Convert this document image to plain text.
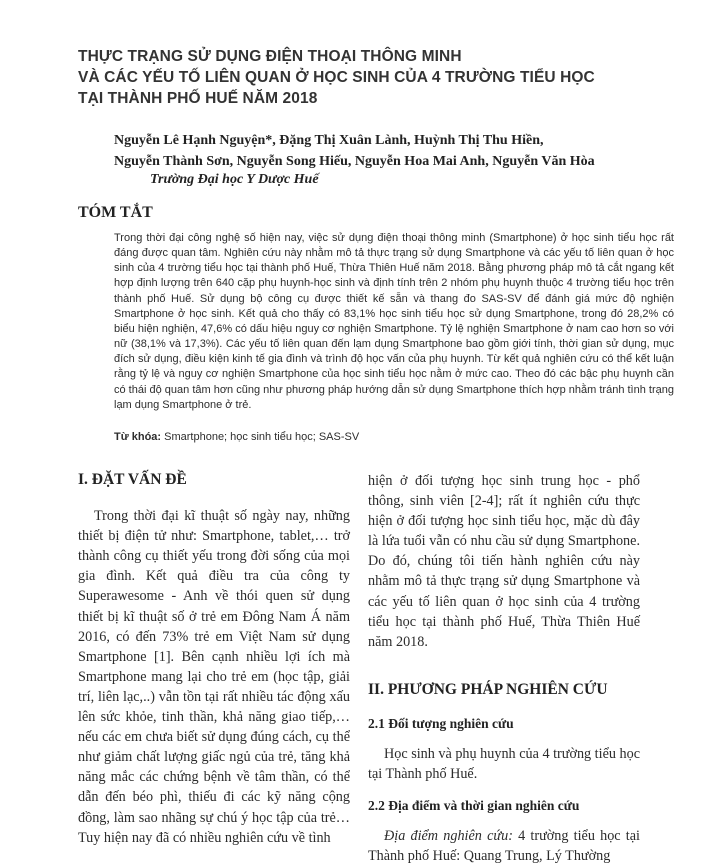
THỰC TRẠNG SỬ DỤNG ĐIỆN THOẠI THÔNG MINH
VÀ CÁC YẾU TỐ LIÊN QUAN Ở HỌC SINH CỦA 4 TRƯỜNG TIỂU HỌC
TẠI THÀNH PHỐ HUẾ NĂM 2018
Nguyễn Lê Hạnh Nguyện*, Đặng Thị Xuân Lành, Huỳnh Thị Thu Hiền,
Nguyễn Thành Sơn, Nguyễn Song Hiếu, Nguyễn Hoa Mai Anh, Nguyễn Văn Hòa
Trường Đại học Y Dược Huế
TÓM TẮT
Trong thời đại công nghệ số hiện nay, việc sử dụng điện thoại thông minh (Smartphone) ở học sinh tiểu học rất đáng được quan tâm. Nghiên cứu này nhằm mô tả thực trạng sử dụng Smartphone và các yếu tố liên quan ở học sinh của 4 trường tiểu học tại thành phố Huế, Thừa Thiên Huế năm 2018. Bằng phương pháp mô tả cắt ngang kết hợp định lượng trên 640 cặp phụ huynh-học sinh và định tính trên 2 nhóm phụ huynh thuộc 4 trường tiểu học trên thành phố Huế. Sử dụng bộ công cụ được thiết kế sẵn và thang đo SAS-SV để đánh giá mức độ nghiện Smartphone ở học sinh. Kết quả cho thấy có 83,1% học sinh tiểu học sử dụng Smartphone, trong đó 28,2% có biểu hiện nghiện, 47,6% có dấu hiệu nguy cơ nghiện Smartphone. Tỷ lệ nghiện Smartphone ở nam cao hơn so với nữ (38,1% và 17,3%). Các yếu tố liên quan đến lạm dụng Smartphone bao gồm giới tính, thời gian sử dụng, mục đích sử dụng, điều kiện kinh tế gia đình và trình độ học vấn của phụ huynh. Từ kết quả nghiên cứu có thể kết luận rằng tỷ lệ và nguy cơ nghiện Smartphone của học sinh tiểu học nằm ở mức cao. Theo đó các bậc phụ huynh cần có thái độ quan tâm hơn cũng như phương pháp hướng dẫn sử dụng Smartphone thích hợp nhằm tránh tình trạng lạm dụng Smartphone ở trẻ.
Từ khóa: Smartphone; học sinh tiểu học; SAS-SV
I. ĐẶT VẤN ĐỀ
Trong thời đại kĩ thuật số ngày nay, những thiết bị điện tử như: Smartphone, tablet,… trở thành công cụ thiết yếu trong đời sống của mọi gia đình. Kết quả điều tra của công ty Superawesome - Anh về thói quen sử dụng thiết bị kĩ thuật số ở trẻ em Đông Nam Á năm 2016, có đến 73% trẻ em Việt Nam sử dụng Smartphone [1]. Bên cạnh nhiều lợi ích mà Smartphone mang lại cho trẻ em (học tập, giải trí, liên lạc,..) vẫn tồn tại rất nhiều tác động xấu lên sức khỏe, tinh thần, khả năng giao tiếp,… nếu các em chưa biết sử dụng đúng cách, cụ thể như giảm chất lượng giấc ngủ của trẻ, tăng khả năng mắc các chứng bệnh về tâm thần, có thể dẫn đến béo phì, thiếu đi các kỹ năng cộng đồng, làm sao nhãng sự chú ý học tập của trẻ… Tuy hiện nay đã có nhiều nghiên cứu về tình
hiện ở đối tượng học sinh trung học - phổ thông, sinh viên [2-4]; rất ít nghiên cứu thực hiện ở đối tượng học sinh tiểu học, mặc dù đây là lứa tuổi vẫn có nhu cầu sử dụng Smartphone. Do đó, chúng tôi tiến hành nghiên cứu này nhằm mô tả thực trạng sử dụng Smartphone và các yếu tố liên quan ở học sinh của 4 trường tiểu học tại thành phố Huế, Thừa Thiên Huế năm 2018.
II. PHƯƠNG PHÁP NGHIÊN CỨU
2.1 Đối tượng nghiên cứu
Học sinh và phụ huynh của 4 trường tiểu học tại Thành phố Huế.
2.2 Địa điểm và thời gian nghiên cứu
Địa điểm nghiên cứu: 4 trường tiểu học tại Thành phố Huế: Quang Trung, Lý Thường
